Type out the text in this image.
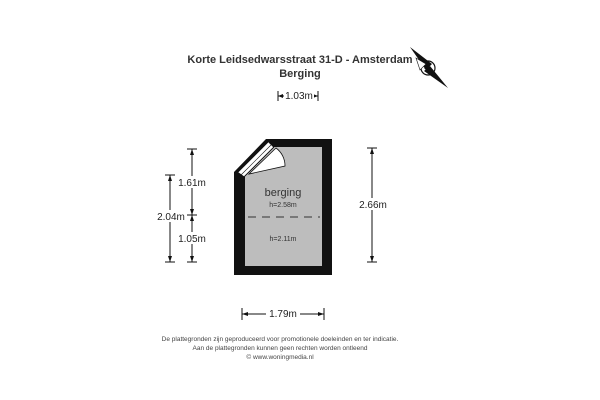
Korte Leidsedwarsstraat 31-D - Amsterdam
Berging	N
berging
h=2.58m
h=2.11m
1.03m
1.79m
2.66m
2.04m
1.61m
1.05m
De plattegronden zijn geproduceerd voor promotionele doeleinden en ter indicatie.
Aan de plattegronden kunnen geen rechten worden ontleend
© www.woningmedia.nl
